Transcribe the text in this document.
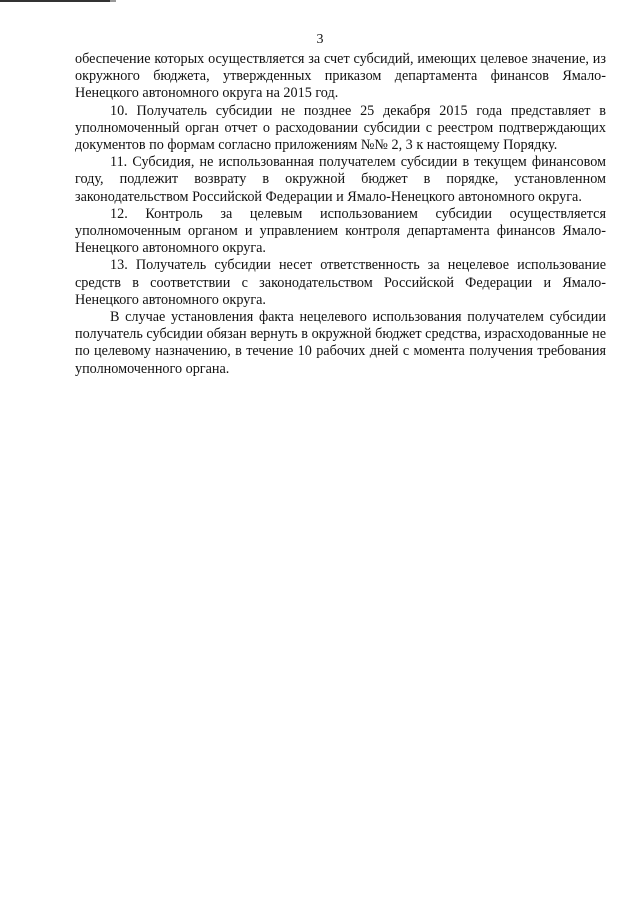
3

обеспечение которых осуществляется за счет субсидий, имеющих целевое значение, из окружного бюджета, утвержденных приказом департамента финансов Ямало-Ненецкого автономного округа на 2015 год.

10. Получатель субсидии не позднее 25 декабря 2015 года представляет в уполномоченный орган отчет о расходовании субсидии с реестром подтверждающих документов по формам согласно приложениям №№ 2, 3 к настоящему Порядку.

11. Субсидия, не использованная получателем субсидии в текущем финансовом году, подлежит возврату в окружной бюджет в порядке, установленном законодательством Российской Федерации и Ямало-Ненецкого автономного округа.

12. Контроль за целевым использованием субсидии осуществляется уполномоченным органом и управлением контроля департамента финансов Ямало-Ненецкого автономного округа.

13. Получатель субсидии несет ответственность за нецелевое использование средств в соответствии с законодательством Российской Федерации и Ямало-Ненецкого автономного округа.

В случае установления факта нецелевого использования получателем субсидии получатель субсидии обязан вернуть в окружной бюджет средства, израсходованные не по целевому назначению, в течение 10 рабочих дней с момента получения требования уполномоченного органа.
